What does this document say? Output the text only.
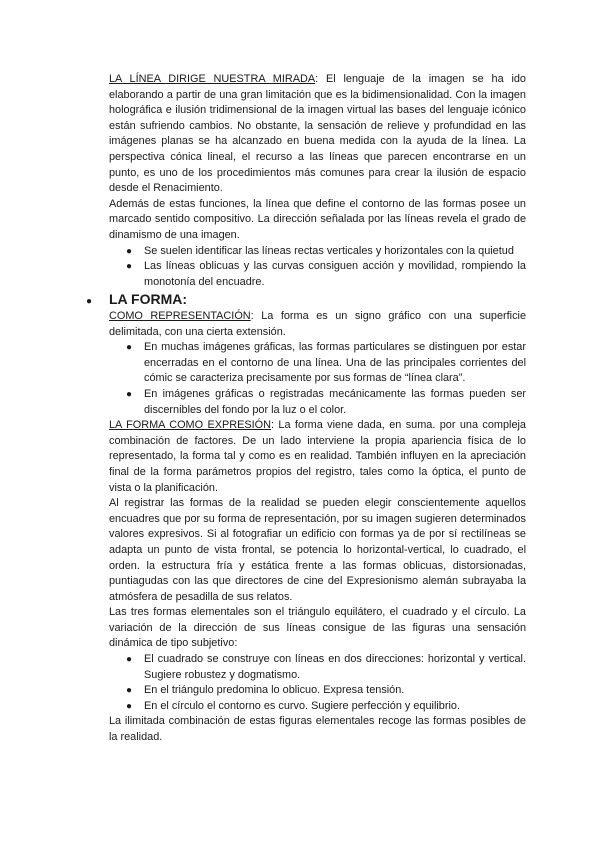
LA LÍNEA DIRIGE NUESTRA MIRADA: El lenguaje de la imagen se ha ido elaborando a partir de una gran limitación que es la bidimensionalidad. Con la imagen holográfica e ilusión tridimensional de la imagen virtual las bases del lenguaje icónico están sufriendo cambios. No obstante, la sensación de relieve y profundidad en las imágenes planas se ha alcanzado en buena medida con la ayuda de la línea. La perspectiva cónica lineal, el recurso a las líneas que parecen encontrarse en un punto, es uno de los procedimientos más comunes para crear la ilusión de espacio desde el Renacimiento.

Además de estas funciones, la línea que define el contorno de las formas posee un marcado sentido compositivo. La dirección señalada por las líneas revela el grado de dinamismo de una imagen.

● Se suelen identificar las líneas rectas verticales y horizontales con la quietud
● Las líneas oblicuas y las curvas consiguen acción y movilidad, rompiendo la monotonía del encuadre.
● LA FORMA:

COMO REPRESENTACIÓN: La forma es un signo gráfico con una superficie delimitada, con una cierta extensión.

● En muchas imágenes gráficas, las formas particulares se distinguen por estar encerradas en el contorno de una línea. Una de las principales corrientes del cómic se caracteriza precisamente por sus formas de “línea clara”.
● En imágenes gráficas o registradas mecánicamente las formas pueden ser discernibles del fondo por la luz o el color.

LA FORMA COMO EXPRESIÓN: La forma viene dada, en suma. por una compleja combinación de factores. De un lado interviene la propia apariencia física de lo representado, la forma tal y como es en realidad. También influyen en la apreciación final de la forma parámetros propios del registro, tales como la óptica, el punto de vista o la planificación.

Al registrar las formas de la realidad se pueden elegir conscientemente aquellos encuadres que por su forma de representación, por su imagen sugieren determinados valores expresivos. Si al fotografiar un edificio con formas ya de por sí rectilíneas se adapta un punto de vista frontal, se potencia lo horizontal-vertical, lo cuadrado, el orden. la estructura fría y estática frente a las formas oblicuas, distorsionadas, puntiagudas con las que directores de cine del Expresionismo alemán subrayaba la atmósfera de pesadilla de sus relatos.

Las tres formas elementales son el triángulo equilátero, el cuadrado y el círculo. La variación de la dirección de sus líneas consigue de las figuras una sensación dinámica de tipo subjetivo:

● El cuadrado se construye con líneas en dos direcciones: horizontal y vertical. Sugiere robustez y dogmatismo.
● En el triángulo predomina lo oblicuo. Expresa tensión.
● En el círculo el contorno es curvo. Sugiere perfección y equilibrio.

La ilimitada combinación de estas figuras elementales recoge las formas posibles de la realidad.
